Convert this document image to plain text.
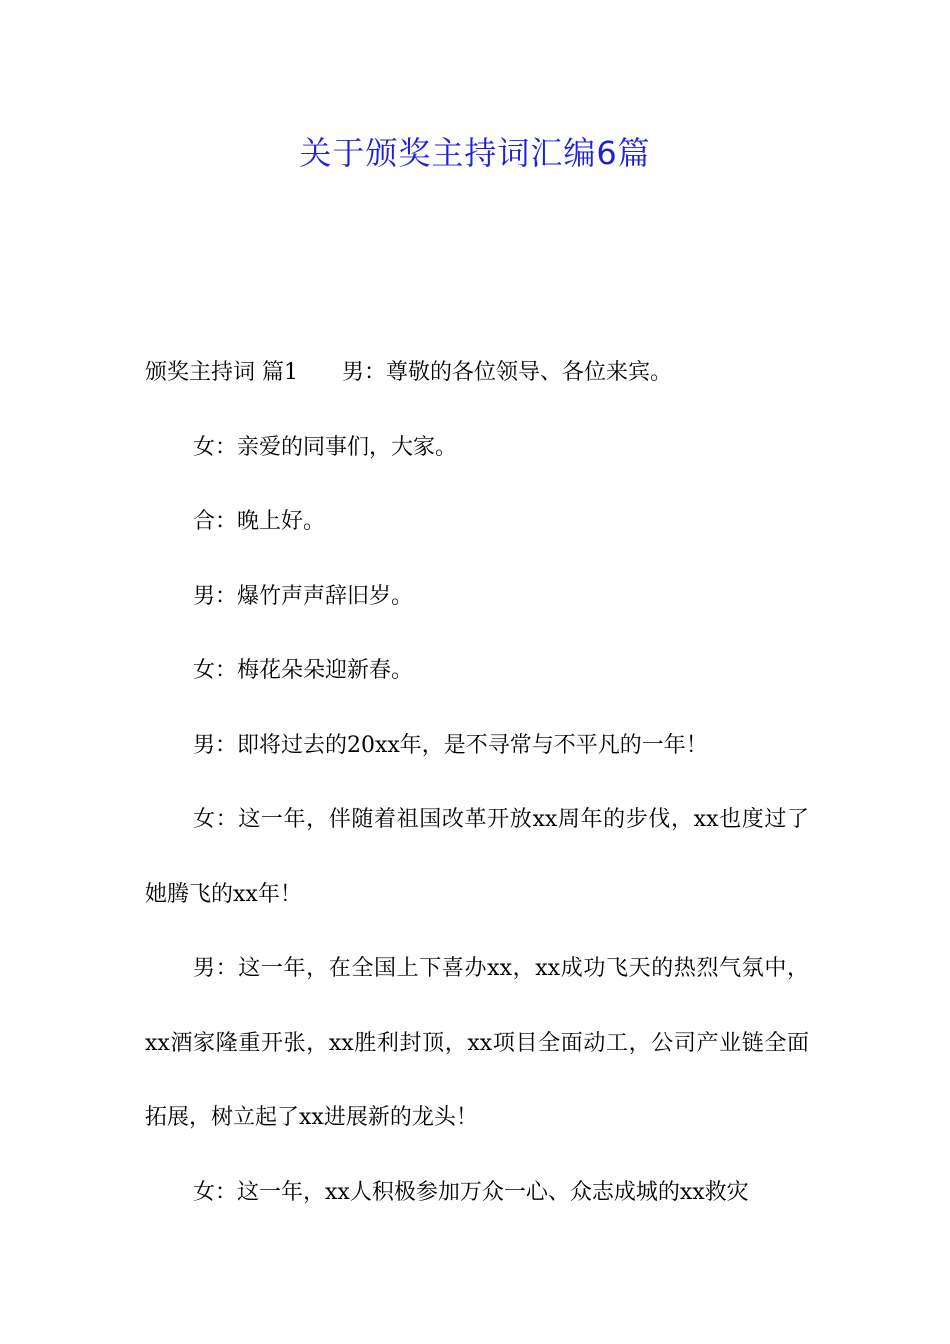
关于颁奖主持词汇编6篇

颁奖主持词 篇1 男：尊敬的各位领导、各位来宾。

女：亲爱的同事们，大家。

合：晚上好。

男：爆竹声声辞旧岁。

女：梅花朵朵迎新春。

男：即将过去的20xx年，是不寻常与不平凡的一年！

女：这一年，伴随着祖国改革开放xx周年的步伐，xx也度过了她腾飞的xx年！

男：这一年，在全国上下喜办xx，xx成功飞天的热烈气氛中，xx酒家隆重开张，xx胜利封顶，xx项目全面动工，公司产业链全面拓展，树立起了xx进展新的龙头！

女：这一年，xx人积极参加万众一心、众志成城的xx救灾
